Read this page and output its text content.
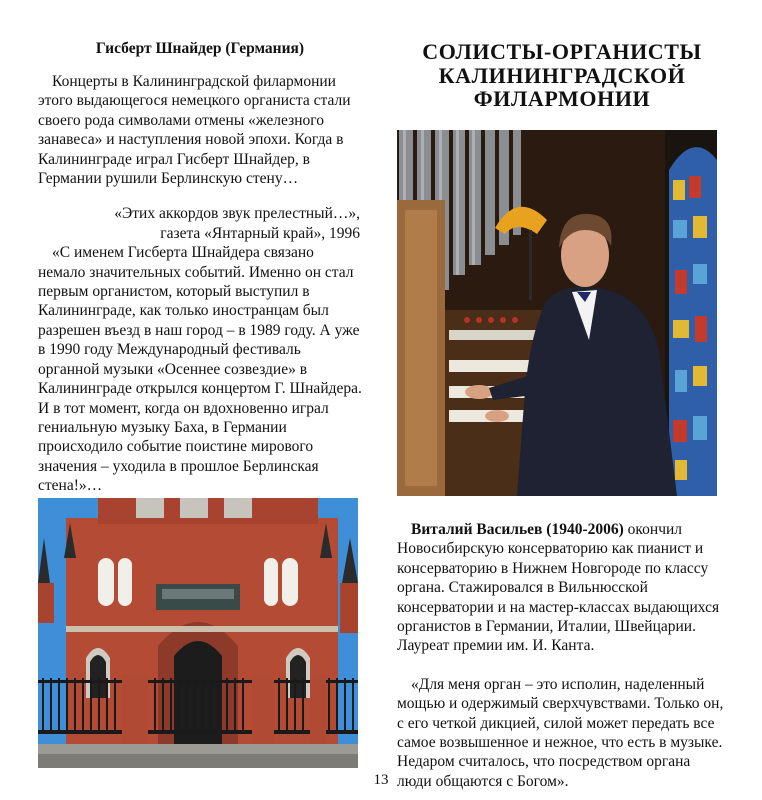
Гисберт Шнайдер (Германия)

Концерты в Калининградской филармонии этого выдающегося немецкого органиста стали своего рода символами отмены «железного занавеса» и наступления новой эпохи. Когда в Калининграде играл Гисберт Шнайдер, в Германии рушили Берлинскую стену…

«Этих аккордов звук прелестный…»,
газета «Янтарный край», 1996

«С именем Гисберта Шнайдера связано немало значительных событий. Именно он стал первым органистом, который выступил в Калининграде, как только иностранцам был разрешен въезд в наш город – в 1989 году. А уже в 1990 году Международный фестиваль органной музыки «Осеннее созвездие» в Калининграде открылся концертом Г. Шнайдера. И в тот момент, когда он вдохновенно играл гениальную музыку Баха, в Германии происходило событие поистине мирового значения – уходила в прошлое Берлинская стена!»…

СОЛИСТЫ-ОРГАНИСТЫ
КАЛИНИНГРАДСКОЙ
ФИЛАРМОНИИ

Виталий Васильев (1940-2006) окончил Новосибирскую консерваторию как пианист и консерваторию в Нижнем Новгороде по классу органа. Стажировался в Вильнюсской консерватории и на мастер-классах выдающихся органистов в Германии, Италии, Швейцарии. Лауреат премии им. И. Канта.

«Для меня орган – это исполин, наделенный мощью и одержимый сверхчувствами. Только он, с его четкой дикцией, силой может передать все самое возвышенное и нежное, что есть в музыке. Недаром считалось, что посредством органа люди общаются с Богом».

13
